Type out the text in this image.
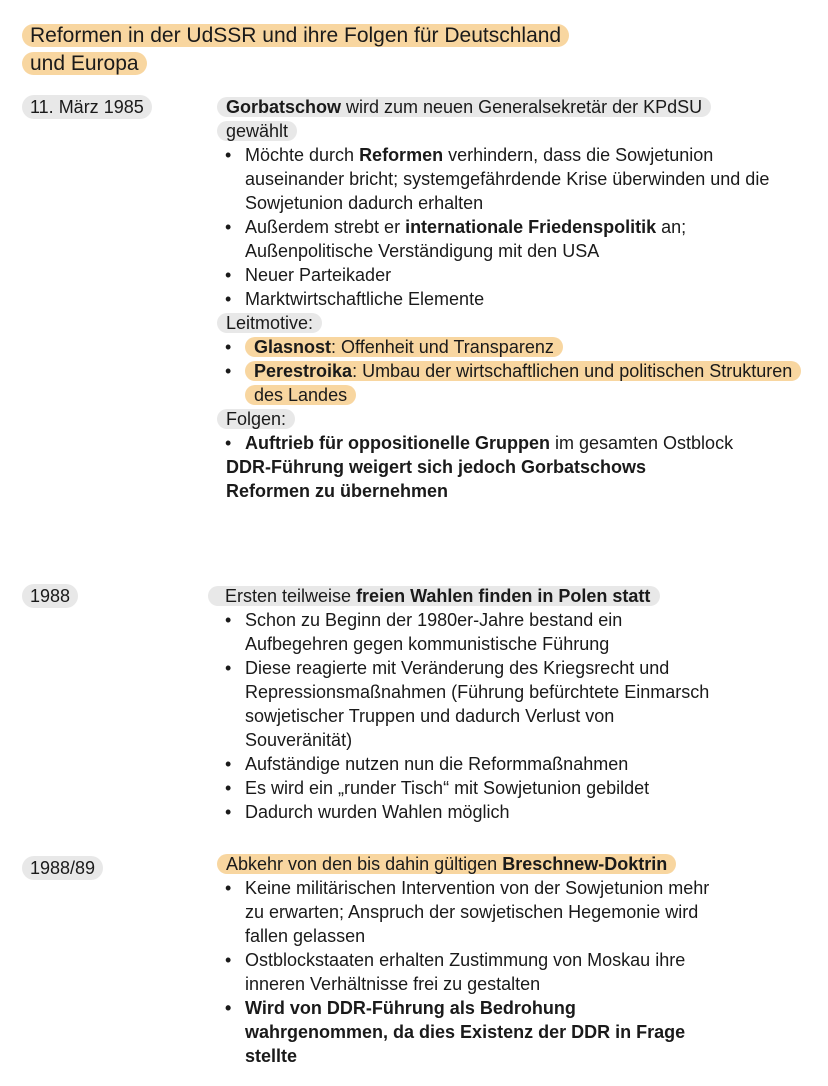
Reformen in der UdSSR und ihre Folgen für Deutschland
und Europa
11. März 1985	Gorbatschow wird zum neuen Generalsekretär der KPdSU gewählt
• Möchte durch Reformen verhindern, dass die Sowjetunion auseinander bricht; systemgefährdende Krise überwinden und die Sowjetunion dadurch erhalten
• Außerdem strebt er internationale Friedenspolitik an; Außenpolitische Verständigung mit den USA
• Neuer Parteikader
• Marktwirtschaftliche Elemente
Leitmotive:
• Glasnost: Offenheit und Transparenz
• Perestroika: Umbau der wirtschaftlichen und politischen Strukturen des Landes
Folgen:
• Auftrieb für oppositionelle Gruppen im gesamten Ostblock
DDR-Führung weigert sich jedoch Gorbatschows Reformen zu übernehmen
1988	Ersten teilweise freien Wahlen finden in Polen statt
• Schon zu Beginn der 1980er-Jahre bestand ein Aufbegehren gegen kommunistische Führung
• Diese reagierte mit Veränderung des Kriegsrecht und Repressionsmaßnahmen (Führung befürchtete Einmarsch sowjetischer Truppen und dadurch Verlust von Souveränität)
• Aufständige nutzen nun die Reformmaßnahmen
• Es wird ein „runder Tisch“ mit Sowjetunion gebildet
• Dadurch wurden Wahlen möglich
1988/89	Abkehr von den bis dahin gültigen Breschnew-Doktrin
• Keine militärischen Intervention von der Sowjetunion mehr zu erwarten; Anspruch der sowjetischen Hegemonie wird fallen gelassen
• Ostblockstaaten erhalten Zustimmung von Moskau ihre inneren Verhältnisse frei zu gestalten
• Wird von DDR-Führung als Bedrohung wahrgenommen, da dies Existenz der DDR in Frage stellte
